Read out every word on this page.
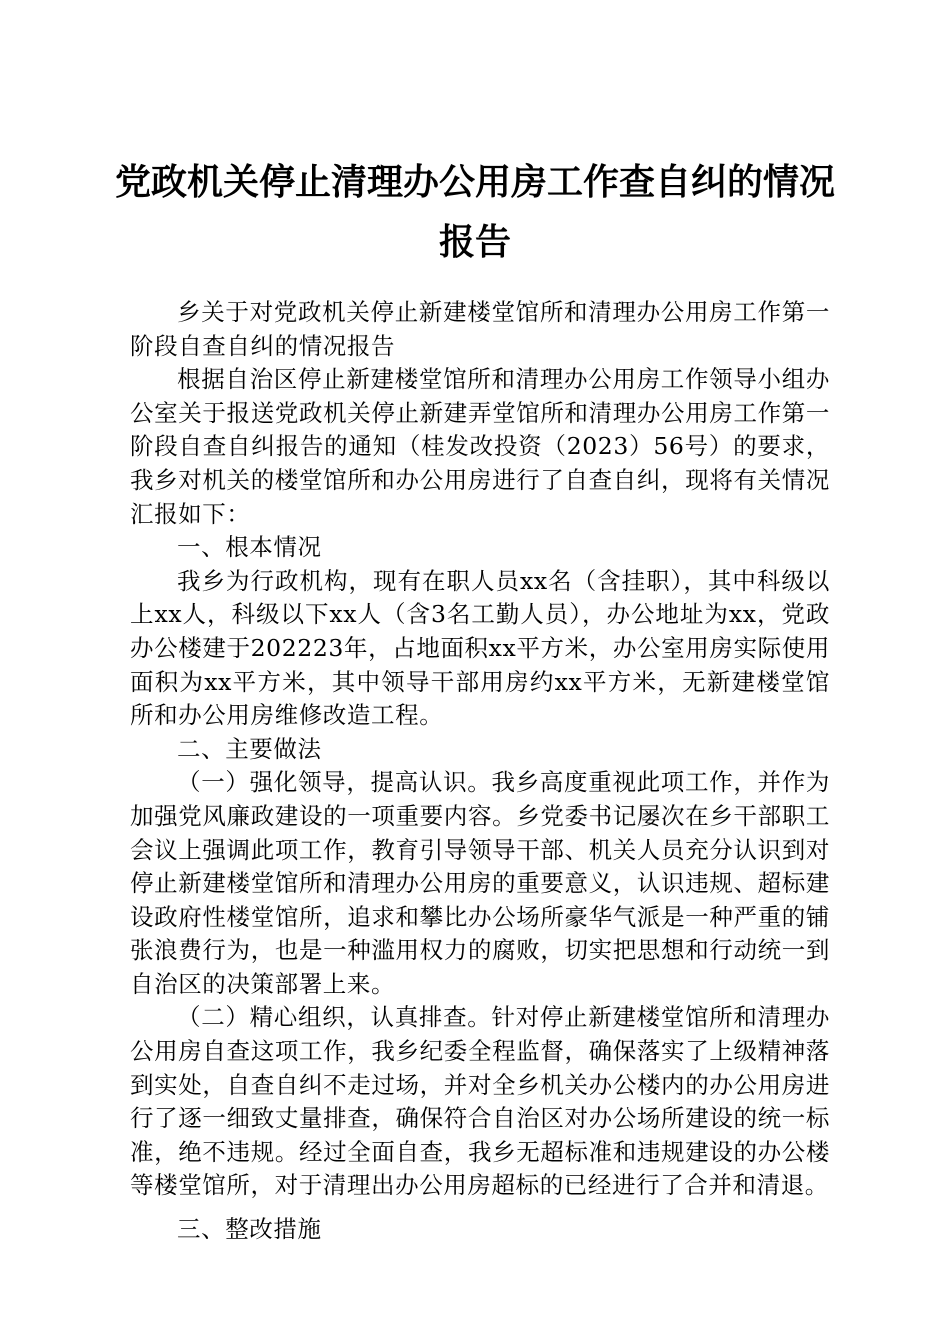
党政机关停止清理办公用房工作查自纠的情况
报告

乡关于对党政机关停止新建楼堂馆所和清理办公用房工作第一阶段自查自纠的情况报告

根据自治区停止新建楼堂馆所和清理办公用房工作领导小组办公室关于报送党政机关停止新建弄堂馆所和清理办公用房工作第一阶段自查自纠报告的通知（桂发改投资（2023）56号）的要求，我乡对机关的楼堂馆所和办公用房进行了自查自纠，现将有关情况汇报如下：

一、根本情况

我乡为行政机构，现有在职人员xx名（含挂职），其中科级以上xx人，科级以下xx人（含3名工勤人员），办公地址为xx，党政办公楼建于202223年，占地面积xx平方米，办公室用房实际使用面积为xx平方米，其中领导干部用房约xx平方米，无新建楼堂馆所和办公用房维修改造工程。

二、主要做法

（一）强化领导，提高认识。我乡高度重视此项工作，并作为加强党风廉政建设的一项重要内容。乡党委书记屡次在乡干部职工会议上强调此项工作，教育引导领导干部、机关人员充分认识到对停止新建楼堂馆所和清理办公用房的重要意义，认识违规、超标建设政府性楼堂馆所，追求和攀比办公场所豪华气派是一种严重的铺张浪费行为，也是一种滥用权力的腐败，切实把思想和行动统一到自治区的决策部署上来。

（二）精心组织，认真排查。针对停止新建楼堂馆所和清理办公用房自查这项工作，我乡纪委全程监督，确保落实了上级精神落到实处，自查自纠不走过场，并对全乡机关办公楼内的办公用房进行了逐一细致丈量排查，确保符合自治区对办公场所建设的统一标准，绝不违规。经过全面自查，我乡无超标准和违规建设的办公楼等楼堂馆所，对于清理出办公用房超标的已经进行了合并和清退。

三、整改措施
